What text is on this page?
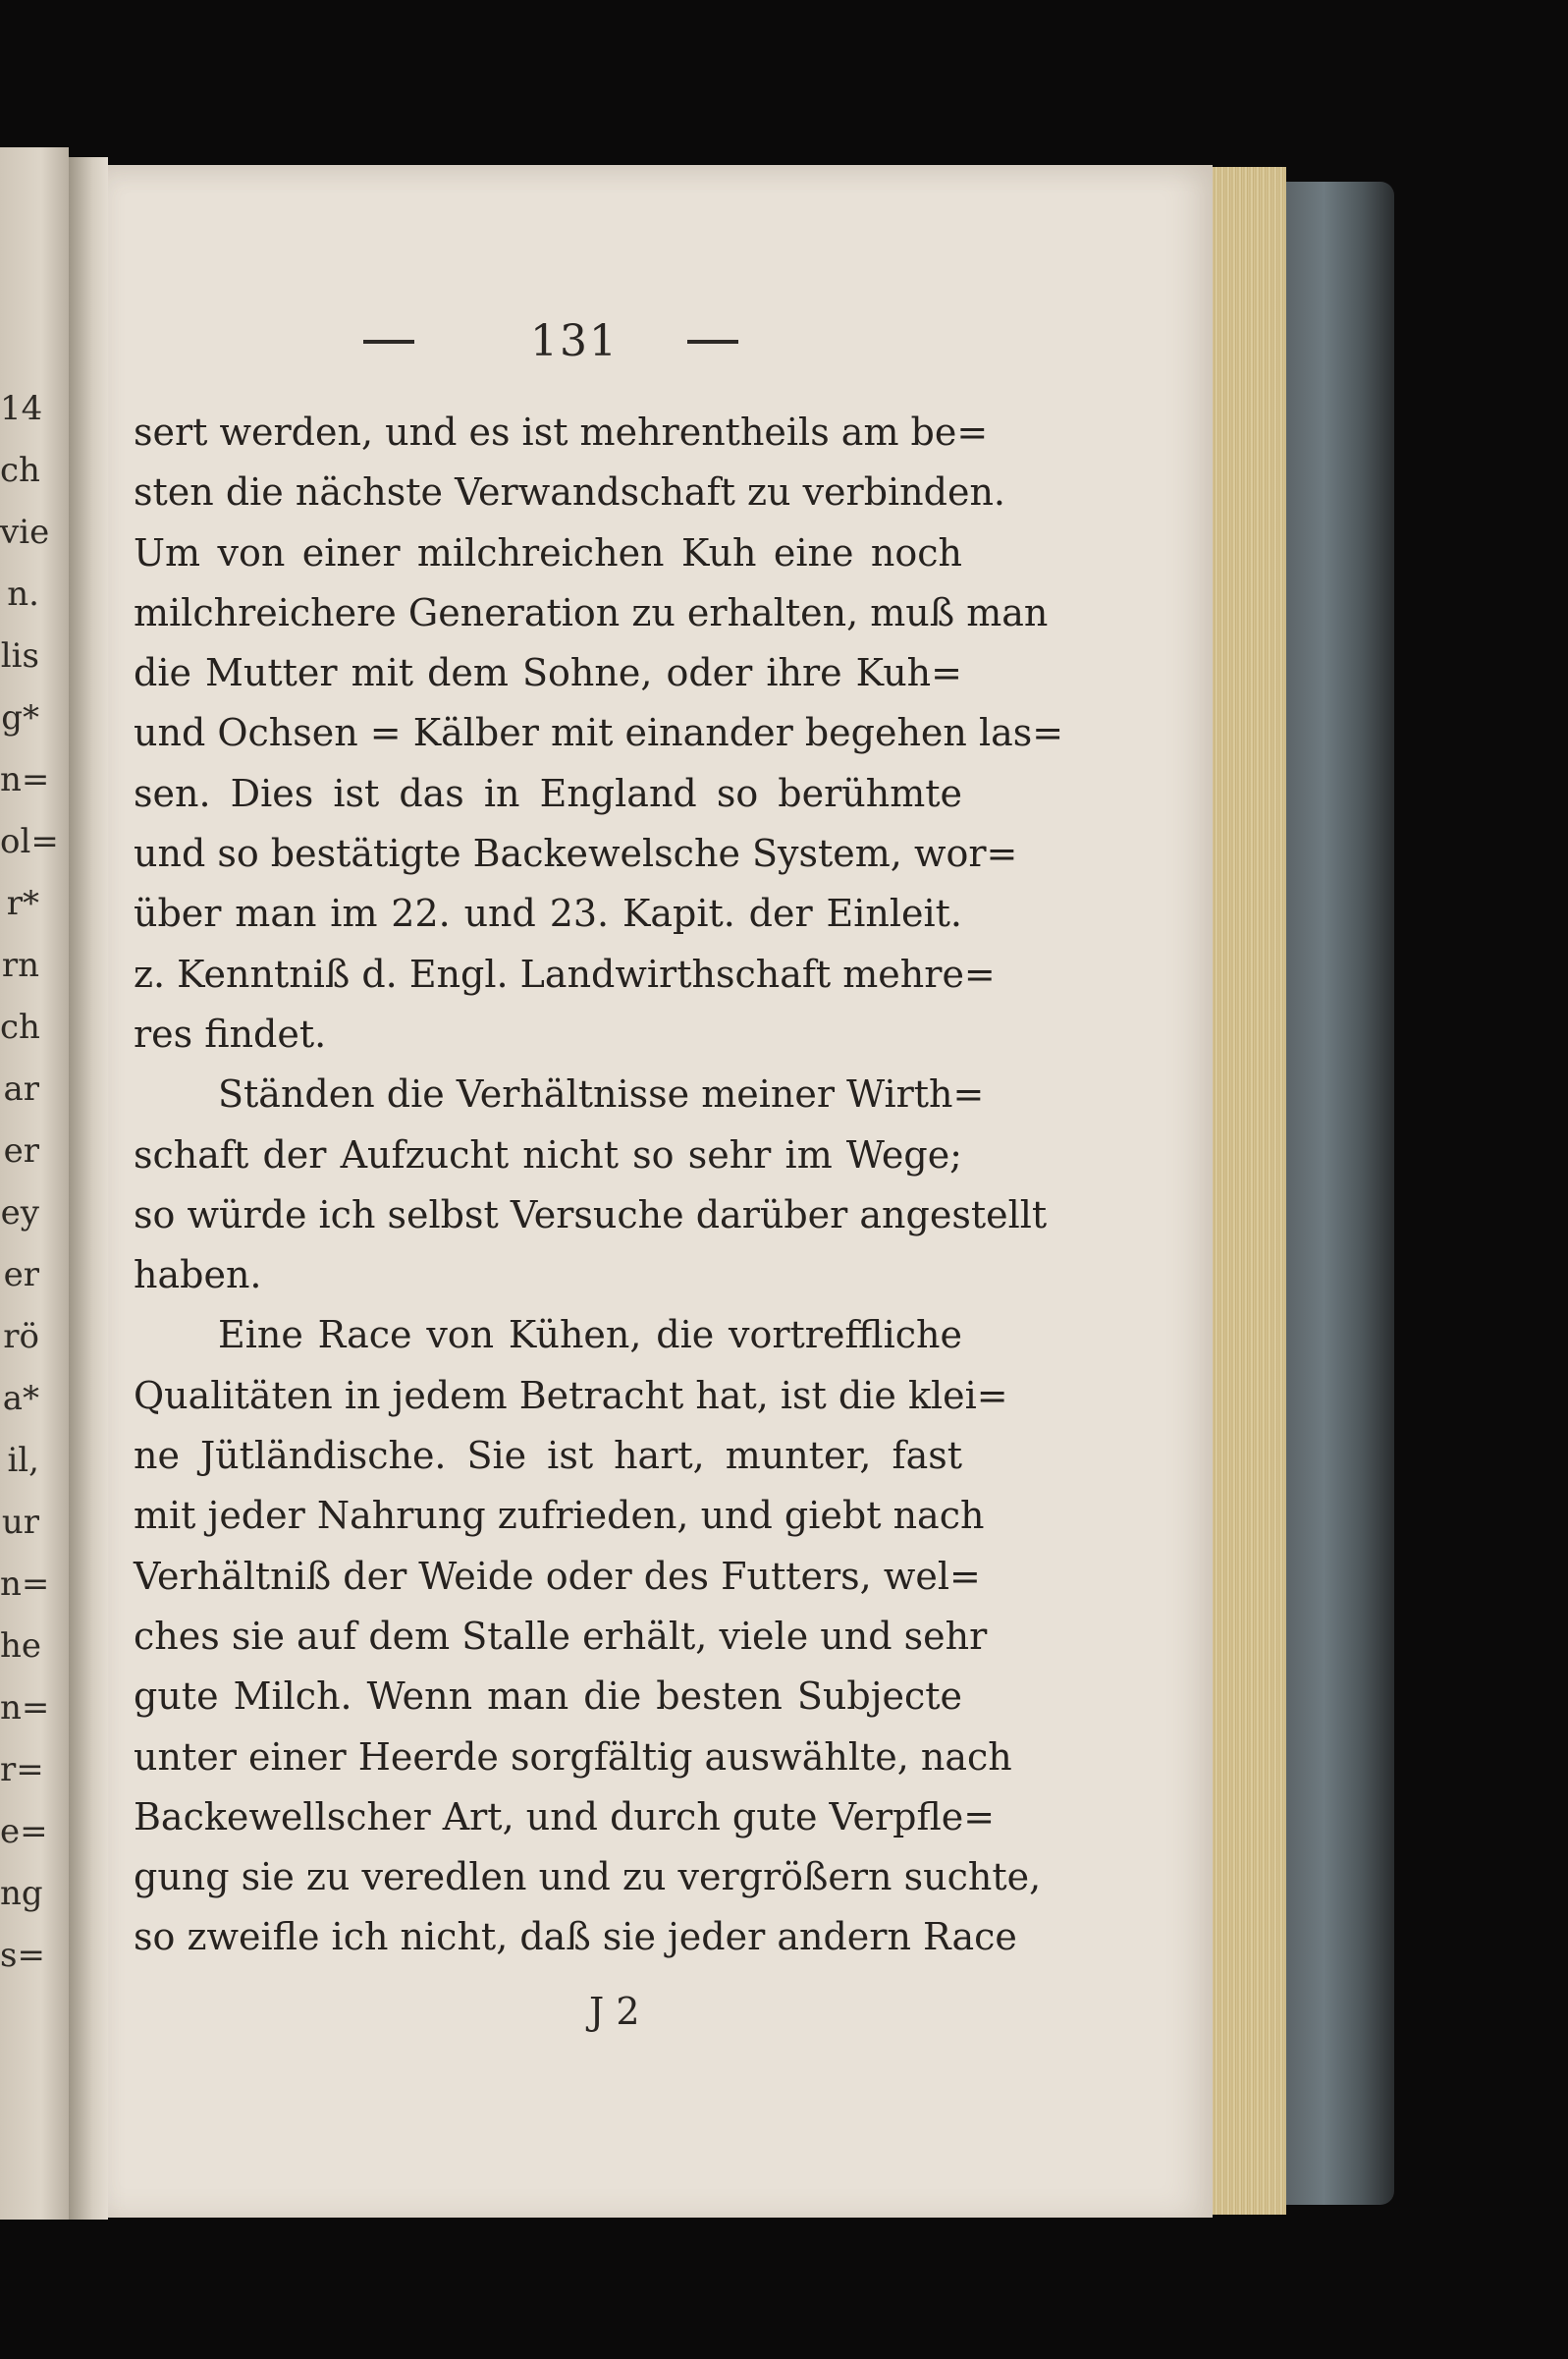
14
ch
vie
n.
lis
g*
n=
ol=
r*
rn
ch
ar
er
ey
er
rö
a*
il,
ur
n=
he
n=
r=
e=
ng
s=
131
sert werden, und es ist mehrentheils am be=
sten die nächste Verwandschaft zu verbinden.
Um von einer milchreichen Kuh eine noch
milchreichere Generation zu erhalten, muß man
die Mutter mit dem Sohne, oder ihre Kuh=
und Ochsen = Kälber mit einander begehen las=
sen. Dies ist das in England so berühmte
und so bestätigte Backewelsche System, wor=
über man im 22. und 23. Kapit. der Einleit.
z. Kenntniß d. Engl. Landwirthschaft mehre=
res findet.
Ständen die Verhältnisse meiner Wirth=
schaft der Aufzucht nicht so sehr im Wege;
so würde ich selbst Versuche darüber angestellt
haben.
Eine Race von Kühen, die vortreffliche
Qualitäten in jedem Betracht hat, ist die klei=
ne Jütländische. Sie ist hart, munter, fast
mit jeder Nahrung zufrieden, und giebt nach
Verhältniß der Weide oder des Futters, wel=
ches sie auf dem Stalle erhält, viele und sehr
gute Milch. Wenn man die besten Subjecte
unter einer Heerde sorgfältig auswählte, nach
Backewellscher Art, und durch gute Verpfle=
gung sie zu veredlen und zu vergrößern suchte,
so zweifle ich nicht, daß sie jeder andern Race
J 2
